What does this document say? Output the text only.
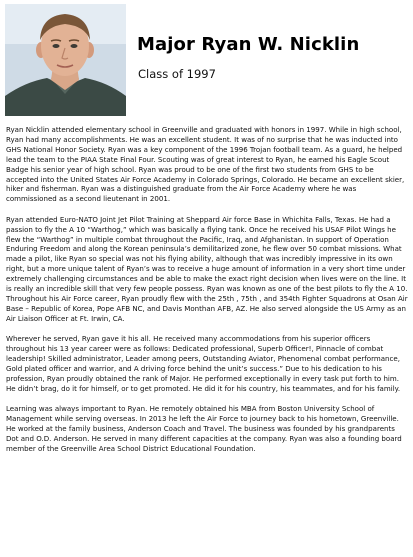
Major Ryan W. Nicklin
Class of 1997

Ryan Nicklin attended elementary school in Greenville and graduated with honors in 1997. While in high school, Ryan had many accomplishments. He was an excellent student. It was of no surprise that he was inducted into GHS National Honor Society. Ryan was a key component of the 1996 Trojan football team. As a guard, he helped lead the team to the PIAA State Final Four. Scouting was of great interest to Ryan, he earned his Eagle Scout Badge his senior year of high school. Ryan was proud to be one of the first two students from GHS to be accepted into the United States Air Force Academy in Colorado Springs, Colorado. He became an excellent skier, hiker and fisherman. Ryan was a distinguished graduate from the Air Force Academy where he was commissioned as a second lieutenant in 2001.

Ryan attended Euro-NATO Joint Jet Pilot Training at Sheppard Air force Base in Whichita Falls, Texas. He had a passion to fly the A 10 “Warthog,” which was basically a flying tank. Once he received his USAF Pilot Wings he flew the “Warthog” in multiple combat throughout the Pacific, Iraq, and Afghanistan. In support of Operation Enduring Freedom and along the Korean peninsula’s demilitarized zone, he flew over 50 combat missions. What made a pilot, like Ryan so special was not his flying ability, although that was incredibly impressive in its own right, but a more unique talent of Ryan’s was to receive a huge amount of information in a very short time under extremely challenging circumstances and be able to make the exact right decision when lives were on the line. It is really an incredible skill that very few people possess. Ryan was known as one of the best pilots to fly the A 10. Throughout his Air Force career, Ryan proudly flew with the 25th , 75th , and 354th Fighter Squadrons at Osan Air Base – Republic of Korea, Pope AFB NC, and Davis Monthan AFB, AZ. He also served alongside the US Army as an Air Liaison Officer at Ft. Irwin, CA.

Wherever he served, Ryan gave it his all. He received many accommodations from his superior officers throughout his 13 year career were as follows: Dedicated professional, Superb Officer!, Pinnacle of combat leadership! Skilled administrator, Leader among peers, Outstanding Aviator, Phenomenal combat performance, Gold plated officer and warrior, and A driving force behind the unit’s success.” Due to his dedication to his profession, Ryan proudly obtained the rank of Major. He performed exceptionally in every task put forth to him. He didn’t brag, do it for himself, or to get promoted. He did it for his country, his teammates, and for his family.

Learning was always important to Ryan. He remotely obtained his MBA from Boston University School of Management while serving overseas. In 2013 he left the Air Force to journey back to his hometown, Greenville. He worked at the family business, Anderson Coach and Travel. The business was founded by his grandparents Dot and O.D. Anderson. He served in many different capacities at the company. Ryan was also a founding board member of the Greenville Area School District Educational Foundation.
